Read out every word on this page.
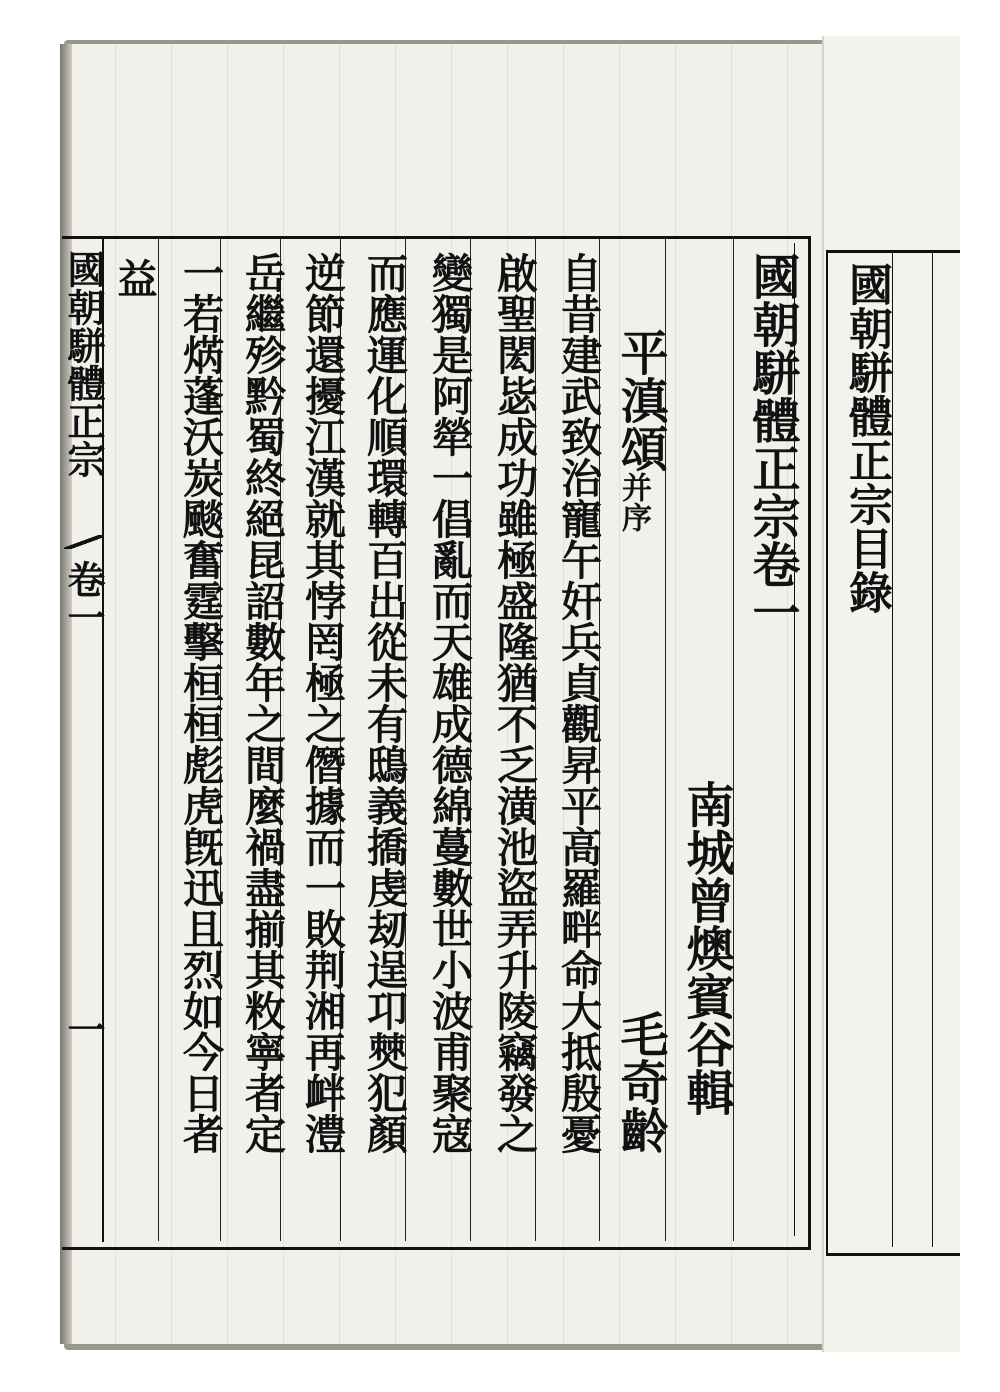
國朝駢體正宗
卷一
一
國朝駢體正宗卷一
南城曾燠賓谷輯
平滇頌
并序
毛奇齡
自昔建武致治寵午奸兵貞觀昇平高羅畔命大抵殷憂
啟聖閎毖成功雖極盛隆猶不乏潢池盜弄升陵竊發之
變獨是阿犖一倡亂而天雄成德綿蔓數世小波甫聚寇
而應運化順環轉百出從未有鴟義撟虔刼逞卭僰犯顏
逆節還擾江漢就其悖罔極之僭據而一敗荆湘再衅澧
岳繼殄黔蜀終絕昆詔數年之間麼禍盡揃其敉寧者定
一若焫蓬沃炭颷奮霆擊桓桓彪虎旣迅且烈如今日者
益	國朝駢體正宗目錄
